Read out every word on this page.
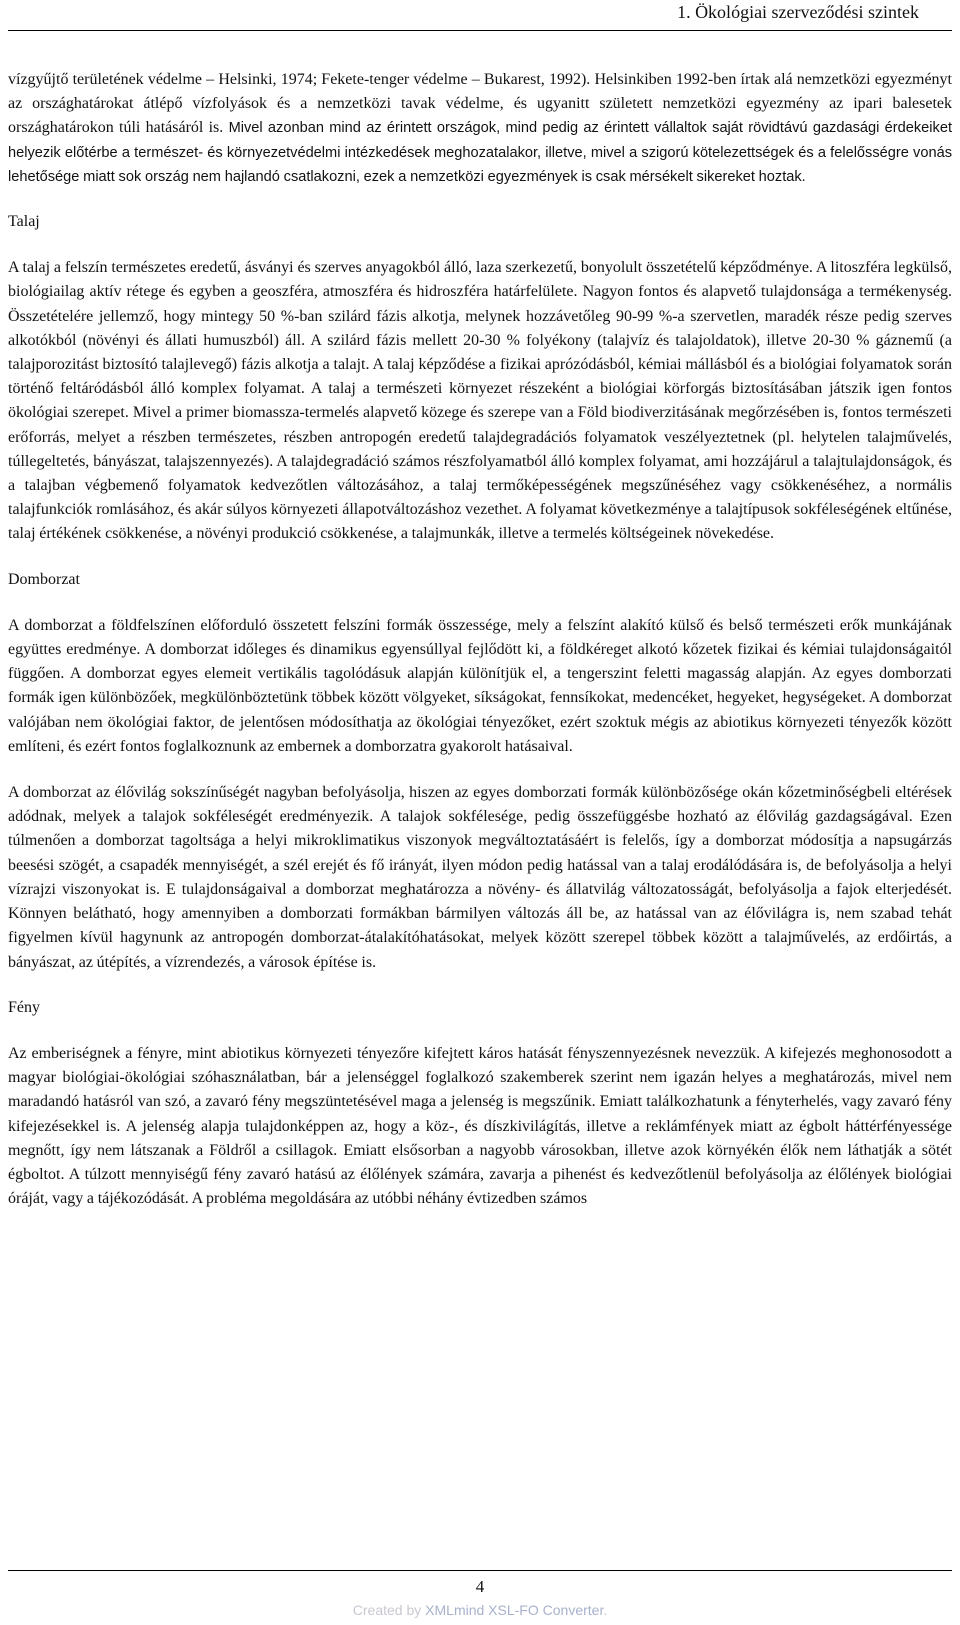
1. Ökológiai szerveződési szintek

vízgyűjtő területének védelme – Helsinki, 1974; Fekete-tenger védelme – Bukarest, 1992). Helsinkiben 1992-ben írtak alá nemzetközi egyezményt az országhatárokat átlépő vízfolyások és a nemzetközi tavak védelme, és ugyanitt született nemzetközi egyezmény az ipari balesetek országhatárokon túli hatásáról is. Mivel azonban mind az érintett országok, mind pedig az érintett vállaltok saját rövidtávú gazdasági érdekeiket helyezik előtérbe a természet- és környezetvédelmi intézkedések meghozatalakor, illetve, mivel a szigorú kötelezettségek és a felelősségre vonás lehetősége miatt sok ország nem hajlandó csatlakozni, ezek a nemzetközi egyezmények is csak mérsékelt sikereket hoztak.

Talaj

A talaj a felszín természetes eredetű, ásványi és szerves anyagokból álló, laza szerkezetű, bonyolult összetételű képződménye. A litoszféra legkülső, biológiailag aktív rétege és egyben a geoszféra, atmoszféra és hidroszféra határfelülete. Nagyon fontos és alapvető tulajdonsága a termékenység. Összetételére jellemző, hogy mintegy 50 %-ban szilárd fázis alkotja, melynek hozzávetőleg 90-99 %-a szervetlen, maradék része pedig szerves alkotókból (növényi és állati humuszból) áll. A szilárd fázis mellett 20-30 % folyékony (talajvíz és talajoldatok), illetve 20-30 % gáznemű (a talajporozitást biztosító talajlevegő) fázis alkotja a talajt. A talaj képződése a fizikai aprózódásból, kémiai mállásból és a biológiai folyamatok során történő feltáródásból álló komplex folyamat. A talaj a természeti környezet részeként a biológiai körforgás biztosításában játszik igen fontos ökológiai szerepet. Mivel a primer biomassza-termelés alapvető közege és szerepe van a Föld biodiverzitásának megőrzésében is, fontos természeti erőforrás, melyet a részben természetes, részben antropogén eredetű talajdegradációs folyamatok veszélyeztetnek (pl. helytelen talajművelés, túllegeltetés, bányászat, talajszennyezés). A talajdegradáció számos részfolyamatból álló komplex folyamat, ami hozzájárul a talajtulajdonságok, és a talajban végbemenő folyamatok kedvezőtlen változásához, a talaj termőképességének megszűnéséhez vagy csökkenéséhez, a normális talajfunkciók romlásához, és akár súlyos környezeti állapotváltozáshoz vezethet. A folyamat következménye a talajtípusok sokféleségének eltűnése, talaj értékének csökkenése, a növényi produkció csökkenése, a talajmunkák, illetve a termelés költségeinek növekedése.

Domborzat

A domborzat a földfelszínen előforduló összetett felszíni formák összessége, mely a felszínt alakító külső és belső természeti erők munkájának együttes eredménye. A domborzat időleges és dinamikus egyensúllyal fejlődött ki, a földkéreget alkotó kőzetek fizikai és kémiai tulajdonságaitól függően. A domborzat egyes elemeit vertikális tagolódásuk alapján különítjük el, a tengerszint feletti magasság alapján. Az egyes domborzati formák igen különbözőek, megkülönböztetünk többek között völgyeket, síkságokat, fennsíkokat, medencéket, hegyeket, hegységeket. A domborzat valójában nem ökológiai faktor, de jelentősen módosíthatja az ökológiai tényezőket, ezért szoktuk mégis az abiotikus környezeti tényezők között említeni, és ezért fontos foglalkoznunk az embernek a domborzatra gyakorolt hatásaival.

A domborzat az élővilág sokszínűségét nagyban befolyásolja, hiszen az egyes domborzati formák különbözősége okán kőzetminőségbeli eltérések adódnak, melyek a talajok sokféleségét eredményezik. A talajok sokfélesége, pedig összefüggésbe hozható az élővilág gazdagságával. Ezen túlmenően a domborzat tagoltsága a helyi mikroklimatikus viszonyok megváltoztatásáért is felelős, így a domborzat módosítja a napsugárzás beesési szögét, a csapadék mennyiségét, a szél erejét és fő irányát, ilyen módon pedig hatással van a talaj erodálódására is, de befolyásolja a helyi vízrajzi viszonyokat is. E tulajdonságaival a domborzat meghatározza a növény- és állatvilág változatosságát, befolyásolja a fajok elterjedését. Könnyen belátható, hogy amennyiben a domborzati formákban bármilyen változás áll be, az hatással van az élővilágra is, nem szabad tehát figyelmen kívül hagynunk az antropogén domborzat-átalakítóhatásokat, melyek között szerepel többek között a talajművelés, az erdőirtás, a bányászat, az útépítés, a vízrendezés, a városok építése is.

Fény

Az emberiségnek a fényre, mint abiotikus környezeti tényezőre kifejtett káros hatását fényszennyezésnek nevezzük. A kifejezés meghonosodott a magyar biológiai-ökológiai szóhasználatban, bár a jelenséggel foglalkozó szakemberek szerint nem igazán helyes a meghatározás, mivel nem maradandó hatásról van szó, a zavaró fény megszüntetésével maga a jelenség is megszűnik. Emiatt találkozhatunk a fényterhelés, vagy zavaró fény kifejezésekkel is. A jelenség alapja tulajdonképpen az, hogy a köz-, és díszkivilágítás, illetve a reklámfények miatt az égbolt háttérfényessége megnőtt, így nem látszanak a Földről a csillagok. Emiatt elsősorban a nagyobb városokban, illetve azok környékén élők nem láthatják a sötét égboltot. A túlzott mennyiségű fény zavaró hatású az élőlények számára, zavarja a pihenést és kedvezőtlenül befolyásolja az élőlények biológiai óráját, vagy a tájékozódását. A probléma megoldására az utóbbi néhány évtizedben számos

4
Created by XMLmind XSL-FO Converter.
